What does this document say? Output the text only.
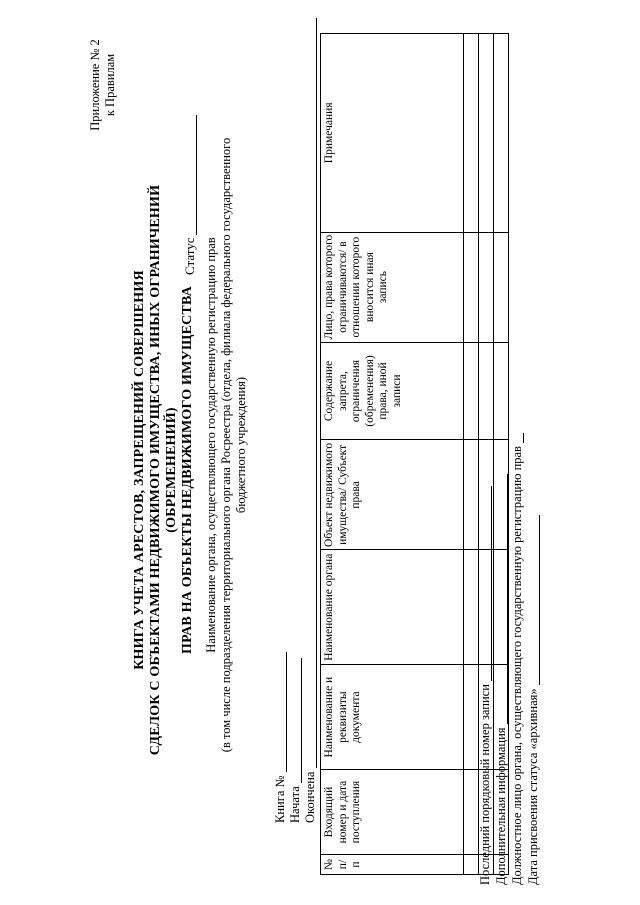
Приложение № 2 к Правилам
КНИГА УЧЕТА АРЕСТОВ, ЗАПРЕЩЕНИЙ СОВЕРШЕНИЯ СДЕЛОК С ОБЪЕКТАМИ НЕДВИЖИМОГО ИМУЩЕСТВА, ИНЫХ ОГРАНИЧЕНИЙ (ОБРЕМЕНЕНИЙ) ПРАВ НА ОБЪЕКТЫ НЕДВИЖИМОГО ИМУЩЕСТВА
Статус Наименование органа, осуществляющего государственную регистрацию прав (в том числе подразделения территориального органа Росреестра (отдела, филиала федерального государственного бюджетного учреждения)
Книга № Начата Окончена
№ п/п	Входящий номер и дата поступления	Наименование и реквизиты документа	Наименование органа	Объект недвижимого имущества/ Субъект права	Содержание запрета, ограничения (обременения) права, иной записи	Лицо, права которого ограничиваются/ в отношении которого вносится иная запись	Примечания

Последний порядковый номер записи Дополнительная информация Должностное лицо органа, осуществляющего государственную регистрацию прав Дата присвоения статуса «архивная»
